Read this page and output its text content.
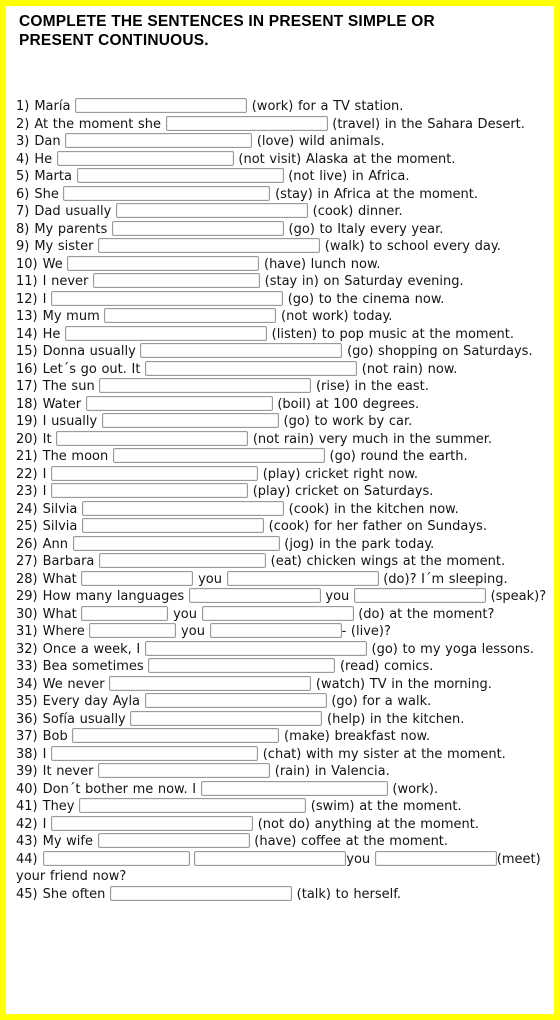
COMPLETE THE SENTENCES IN PRESENT SIMPLE OR
PRESENT CONTINUOUS.
1) María	(work) for a TV station.
2) At the moment she	(travel) in the Sahara Desert.
3) Dan	(love) wild animals.
4) He	(not visit) Alaska at the moment.
5) Marta	(not live) in Africa.
6) She	(stay) in Africa at the moment.
7) Dad usually	(cook) dinner.
8) My parents	(go) to Italy every year.
9) My sister	(walk) to school every day.
10) We	(have) lunch now.
11) I never	(stay in) on Saturday evening.
12) I	(go) to the cinema now.
13) My mum	(not work) today.
14) He	(listen) to pop music at the moment.
15) Donna usually	(go) shopping on Saturdays.
16) Let´s go out. It	(not rain) now.
17) The sun	(rise) in the east.
18) Water	(boil) at 100 degrees.
19) I usually	(go) to work by car.
20) It	(not rain) very much in the summer.
21) The moon	(go) round the earth.
22) I	(play) cricket right now.
23) I	(play) cricket on Saturdays.
24) Silvia	(cook) in the kitchen now.
25) Silvia	(cook) for her father on Sundays.
26) Ann	(jog) in the park today.
27) Barbara	(eat) chicken wings at the moment.
28) What	you	(do)? I´m sleeping.
29) How many languages	you	(speak)?
30) What	you	(do) at the moment?
31) Where	you	- (live)?
32) Once a week, I	(go) to my yoga lessons.
33) Bea sometimes	(read) comics.
34) We never	(watch) TV in the morning.
35) Every day Ayla	(go) for a walk.
36) Sofía usually	(help) in the kitchen.
37) Bob	(make) breakfast now.
38) I	(chat) with my sister at the moment.
39) It never	(rain) in Valencia.
40) Don´t bother me now. I	(work).
41) They	(swim) at the moment.
42) I	(not do) anything at the moment.
43) My wife	(have) coffee at the moment.
44)	you	(meet) your friend now?
45) She often	(talk) to herself.
